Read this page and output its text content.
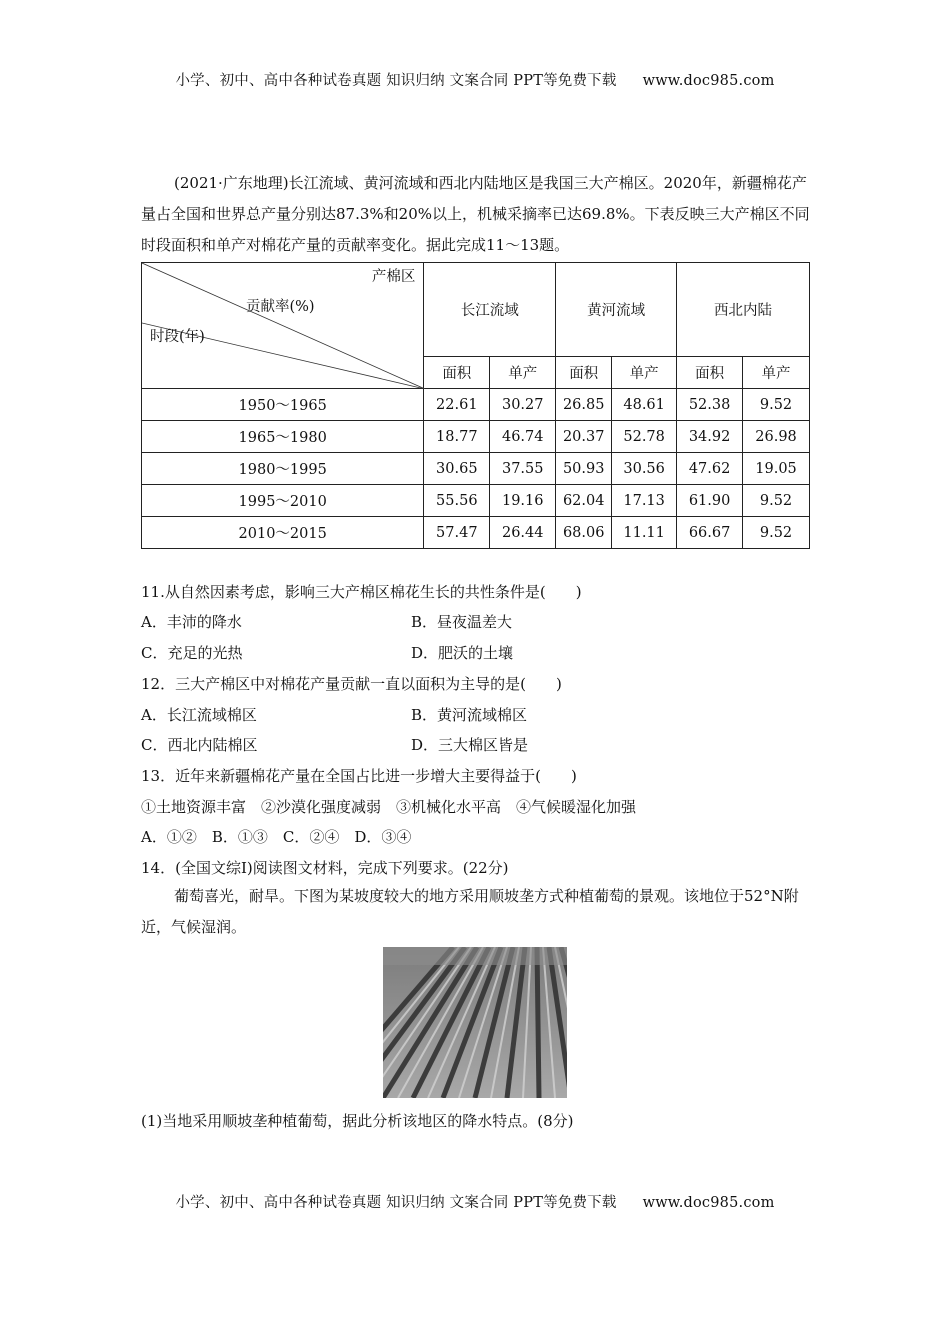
小学、初中、高中各种试卷真题 知识归纳 文案合同 PPT等免费下载 www.doc985.com
(2021·广东地理)长江流域、黄河流域和西北内陆地区是我国三大产棉区。2020年，新疆棉花产量占全国和世界总产量分别达87.3%和20%以上，机械采摘率已达69.8%。下表反映三大产棉区不同时段面积和单产对棉花产量的贡献率变化。据此完成11～13题。
产棉区
贡献率(%)
时段(年)	长江流域		黄河流域		西北内陆	
	面积	单产	面积	单产	面积	单产
1950～1965	22.61	30.27	26.85	48.61	52.38	9.52
1965～1980	18.77	46.74	20.37	52.78	34.92	26.98
1980～1995	30.65	37.55	50.93	30.56	47.62	19.05
1995～2010	55.56	19.16	62.04	17.13	61.90	9.52
2010～2015	57.47	26.44	68.06	11.11	66.67	9.52
11.从自然因素考虑，影响三大产棉区棉花生长的共性条件是(　　)
A．丰沛的降水	B．昼夜温差大
C．充足的光热	D．肥沃的土壤
12．三大产棉区中对棉花产量贡献一直以面积为主导的是(　　)
A．长江流域棉区	B．黄河流域棉区
C．西北内陆棉区	D．三大棉区皆是
13．近年来新疆棉花产量在全国占比进一步增大主要得益于(　　)
①土地资源丰富　②沙漠化强度减弱　③机械化水平高　④气候暖湿化加强
A．①②　B．①③　C．②④　D．③④
14．(全国文综Ⅰ)阅读图文材料，完成下列要求。(22分)
葡萄喜光，耐旱。下图为某坡度较大的地方采用顺坡垄方式种植葡萄的景观。该地位于52°N附近，气候湿润。
(1)当地采用顺坡垄种植葡萄，据此分析该地区的降水特点。(8分)
小学、初中、高中各种试卷真题 知识归纳 文案合同 PPT等免费下载 www.doc985.com
